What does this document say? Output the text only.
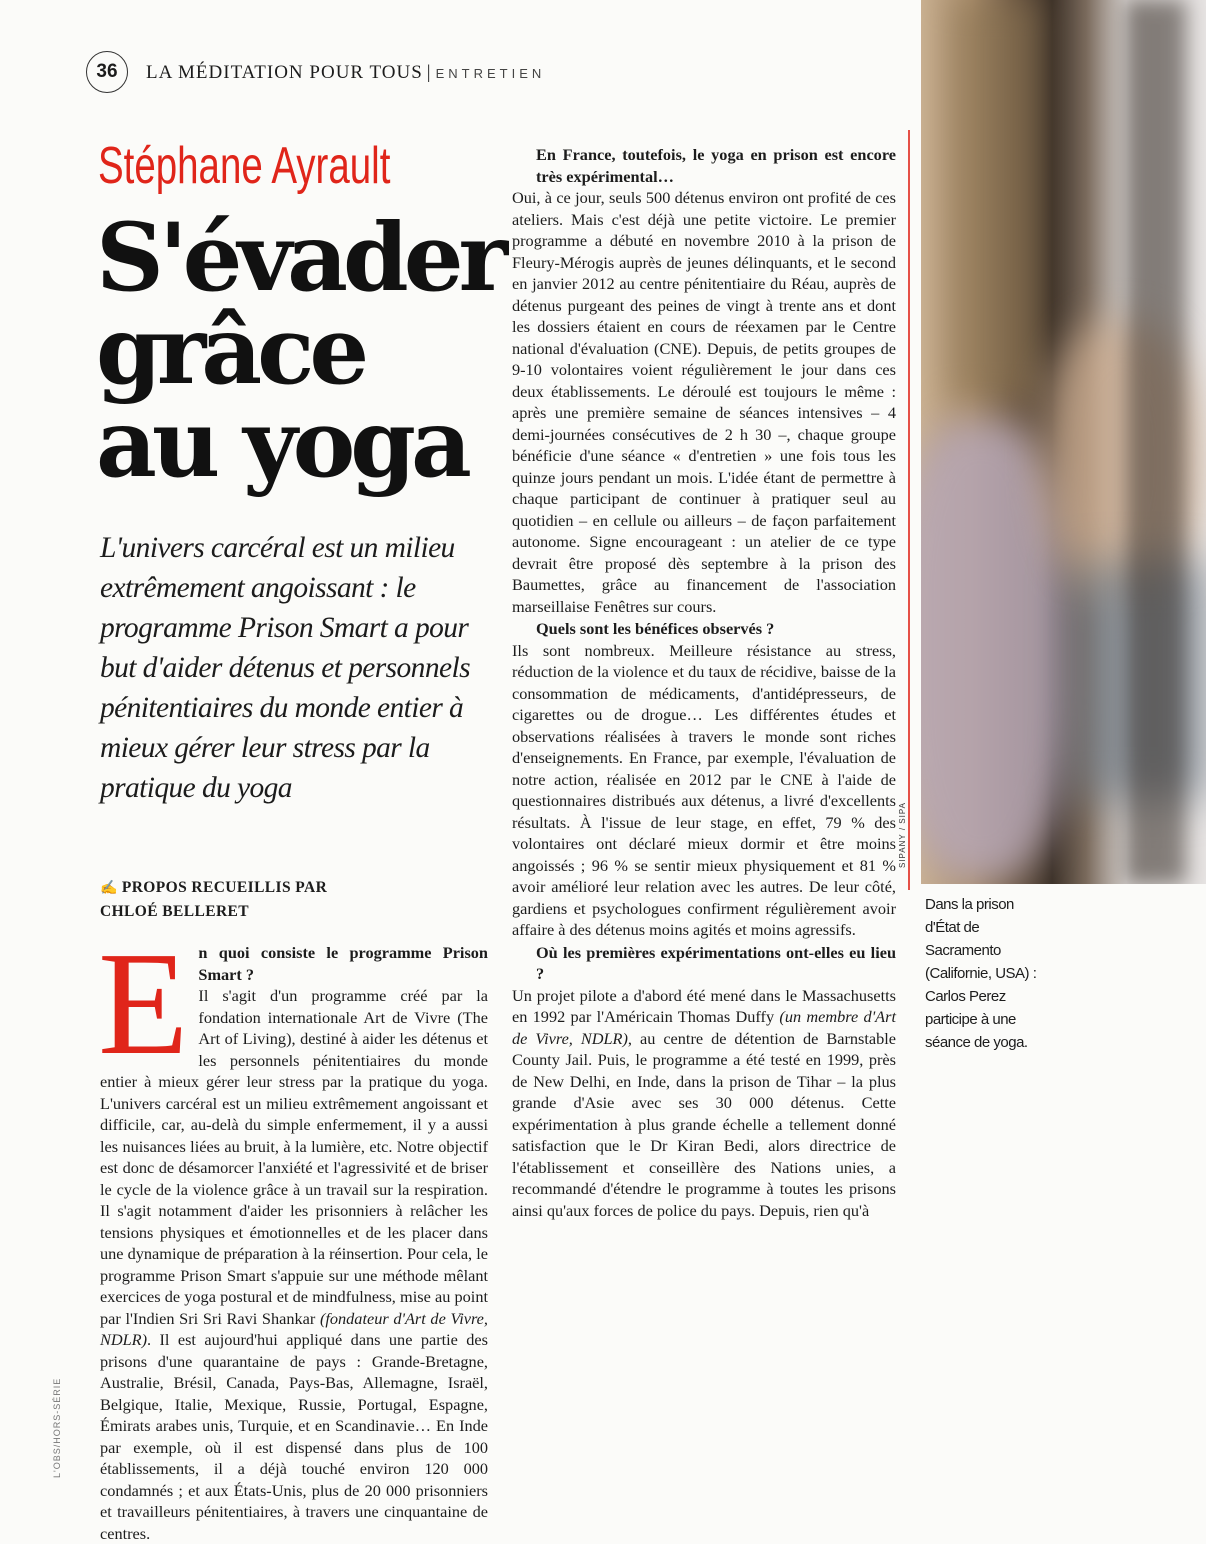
36	LA MÉDITATION POUR TOUS | ENTRETIEN
Stéphane Ayrault
S'évader
grâce
au yoga

L'univers carcéral est un milieu extrêmement angoissant : le programme Prison Smart a pour but d'aider détenus et personnels pénitentiaires du monde entier à mieux gérer leur stress par la pratique du yoga

✍ PROPOS RECUEILLIS PAR
CHLOÉ BELLERET
E n quoi consiste le programme Prison Smart ?

Il s'agit d'un programme créé par la fondation internationale Art de Vivre (The Art of Living), destiné à aider les détenus et les personnels pénitentiaires du monde entier à mieux gérer leur stress par la pratique du yoga. L'univers carcéral est un milieu extrêmement angoissant et difficile, car, au-delà du simple enfermement, il y a aussi les nuisances liées au bruit, à la lumière, etc. Notre objectif est donc de désamorcer l'anxiété et l'agressivité et de briser le cycle de la violence grâce à un travail sur la respiration. Il s'agit notamment d'aider les prisonniers à relâcher les tensions physiques et émotionnelles et de les placer dans une dynamique de préparation à la réinsertion. Pour cela, le programme Prison Smart s'appuie sur une méthode mêlant exercices de yoga postural et de mindfulness, mise au point par l'Indien Sri Sri Ravi Shankar (fondateur d'Art de Vivre, NDLR). Il est aujourd'hui appliqué dans une partie des prisons d'une quarantaine de pays : Grande-Bretagne, Australie, Brésil, Canada, Pays-Bas, Allemagne, Israël, Belgique, Italie, Mexique, Russie, Portugal, Espagne, Émirats arabes unis, Turquie, et en Scandinavie… En Inde par exemple, où il est dispensé dans plus de 100 établissements, il a déjà touché environ 120 000 condamnés ; et aux États-Unis, plus de 20 000 prisonniers et travailleurs pénitentiaires, à travers une cinquantaine de centres.

En France, toutefois, le yoga en prison est encore très expérimental…

Oui, à ce jour, seuls 500 détenus environ ont profité de ces ateliers. Mais c'est déjà une petite victoire. Le premier programme a débuté en novembre 2010 à la prison de Fleury-Mérogis auprès de jeunes délinquants, et le second en janvier 2012 au centre pénitentiaire du Réau, auprès de détenus purgeant des peines de vingt à trente ans et dont les dossiers étaient en cours de réexamen par le Centre national d'évaluation (CNE). Depuis, de petits groupes de 9-10 volontaires voient régulièrement le jour dans ces deux établissements. Le déroulé est toujours le même : après une première semaine de séances intensives – 4 demi-journées consécutives de 2 h 30 –, chaque groupe bénéficie d'une séance « d'entretien » une fois tous les quinze jours pendant un mois. L'idée étant de permettre à chaque participant de continuer à pratiquer seul au quotidien – en cellule ou ailleurs – de façon parfaitement autonome. Signe encourageant : un atelier de ce type devrait être proposé dès septembre à la prison des Baumettes, grâce au financement de l'association marseillaise Fenêtres sur cours.

Quels sont les bénéfices observés ?

Ils sont nombreux. Meilleure résistance au stress, réduction de la violence et du taux de récidive, baisse de la consommation de médicaments, d'antidépresseurs, de cigarettes ou de drogue… Les différentes études et observations réalisées à travers le monde sont riches d'enseignements. En France, par exemple, l'évaluation de notre action, réalisée en 2012 par le CNE à l'aide de questionnaires distribués aux détenus, a livré d'excellents résultats. À l'issue de leur stage, en effet, 79 % des volontaires ont déclaré mieux dormir et être moins angoissés ; 96 % se sentir mieux physiquement et 81 % avoir amélioré leur relation avec les autres. De leur côté, gardiens et psychologues confirment régulièrement avoir affaire à des détenus moins agités et moins agressifs.

Où les premières expérimentations ont-elles eu lieu ?

Un projet pilote a d'abord été mené dans le Massachusetts en 1992 par l'Américain Thomas Duffy (un membre d'Art de Vivre, NDLR), au centre de détention de Barnstable County Jail. Puis, le programme a été testé en 1999, près de New Delhi, en Inde, dans la prison de Tihar – la plus grande d'Asie avec ses 30 000 détenus. Cette expérimentation à plus grande échelle a tellement donné satisfaction que le Dr Kiran Bedi, alors directrice de l'établissement et conseillère des Nations unies, a recommandé d'étendre le programme à toutes les prisons ainsi qu'aux forces de police du pays. Depuis, rien qu'à

SIPANY / SIPA
Dans la prison d'État de Sacramento (Californie, USA) : Carlos Perez participe à une séance de yoga.
L'OBS/HORS-SÉRIE
